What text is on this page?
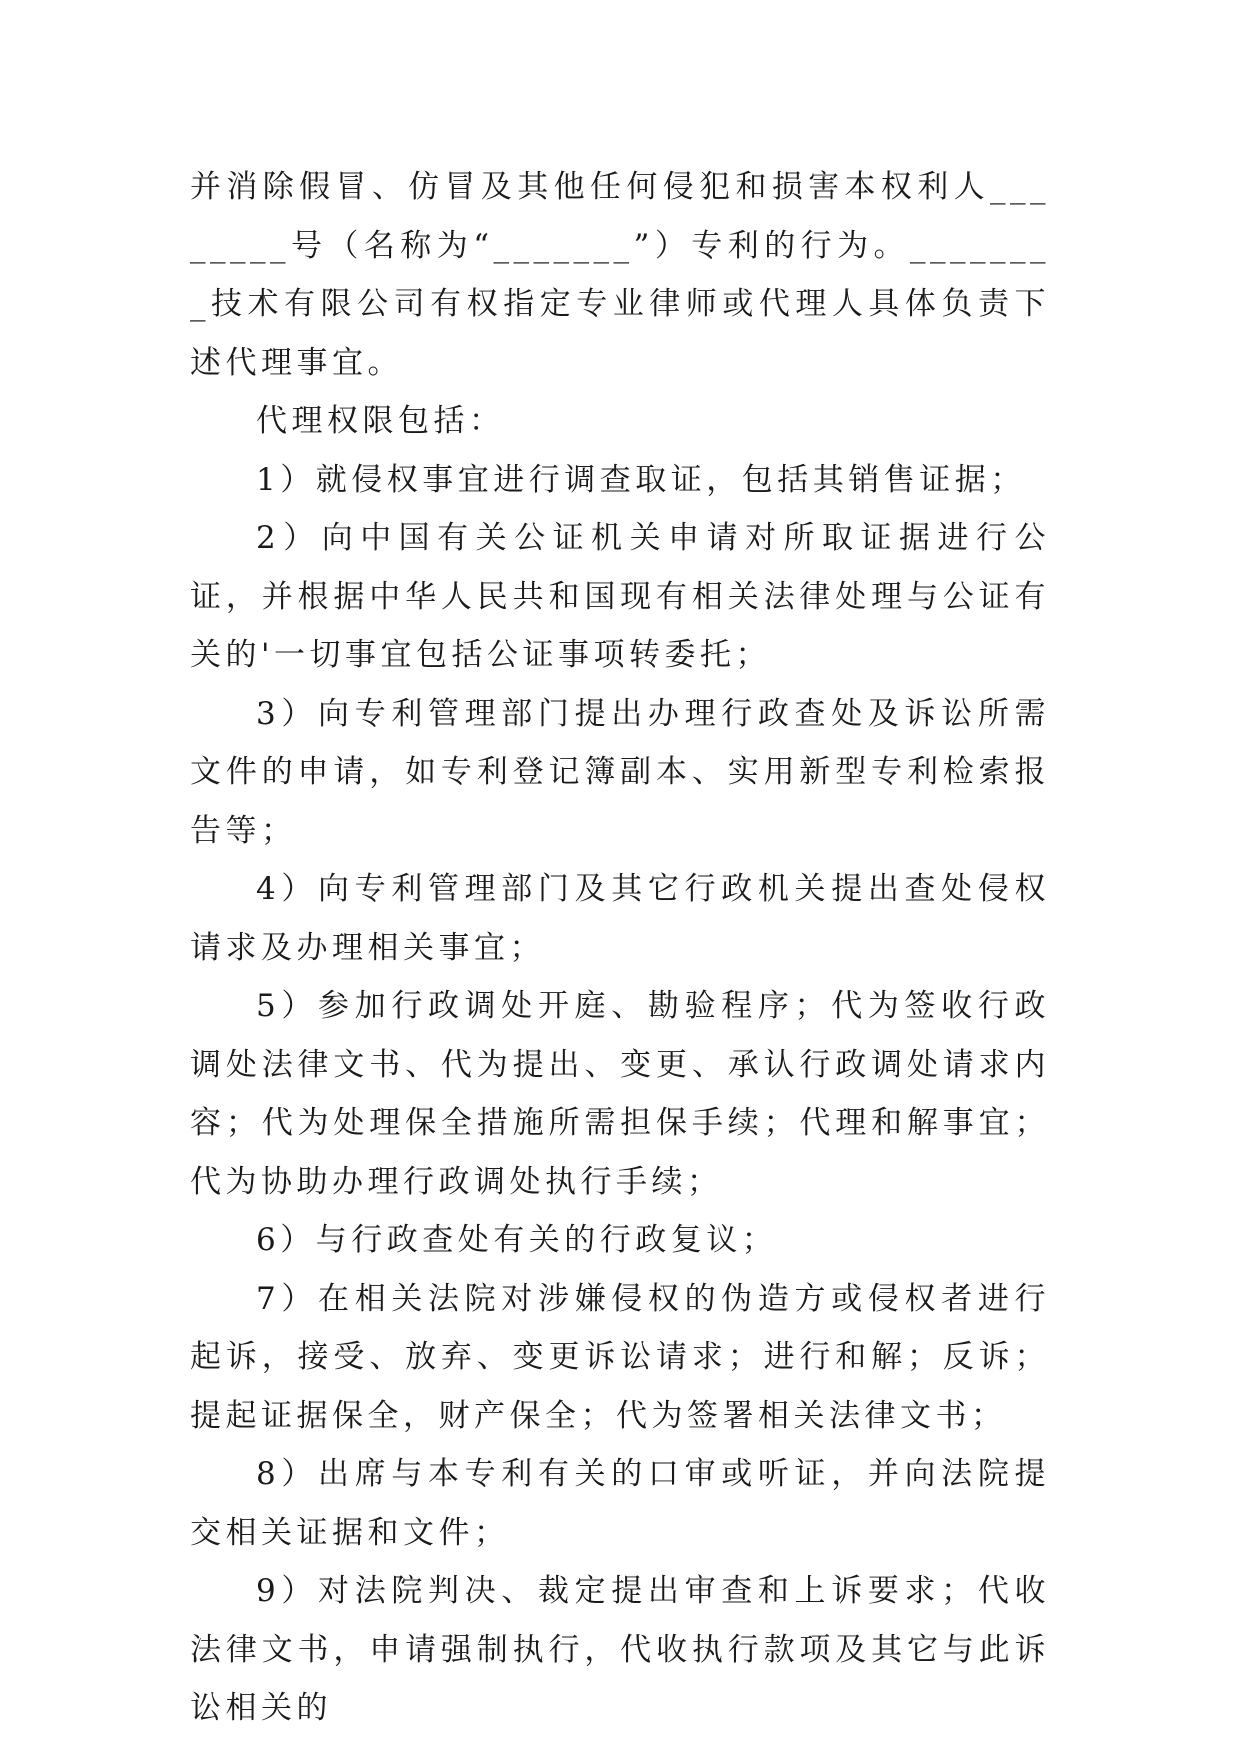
并消除假冒、仿冒及其他任何侵犯和损害本权利人________号（名称为“_______”）专利的行为。________技术有限公司有权指定专业律师或代理人具体负责下述代理事宜。

代理权限包括：

1）就侵权事宜进行调查取证，包括其销售证据；

2）向中国有关公证机关申请对所取证据进行公证，并根据中华人民共和国现有相关法律处理与公证有关的'一切事宜包括公证事项转委托；

3）向专利管理部门提出办理行政查处及诉讼所需文件的申请，如专利登记簿副本、实用新型专利检索报告等；

4）向专利管理部门及其它行政机关提出查处侵权请求及办理相关事宜；

5）参加行政调处开庭、勘验程序；代为签收行政调处法律文书、代为提出、变更、承认行政调处请求内容；代为处理保全措施所需担保手续；代理和解事宜；代为协助办理行政调处执行手续；

6）与行政查处有关的行政复议；

7）在相关法院对涉嫌侵权的伪造方或侵权者进行起诉，接受、放弃、变更诉讼请求；进行和解；反诉；提起证据保全，财产保全；代为签署相关法律文书；

8）出席与本专利有关的口审或听证，并向法院提交相关证据和文件；

9）对法院判决、裁定提出审查和上诉要求；代收法律文书，申请强制执行，代收执行款项及其它与此诉讼相关的
